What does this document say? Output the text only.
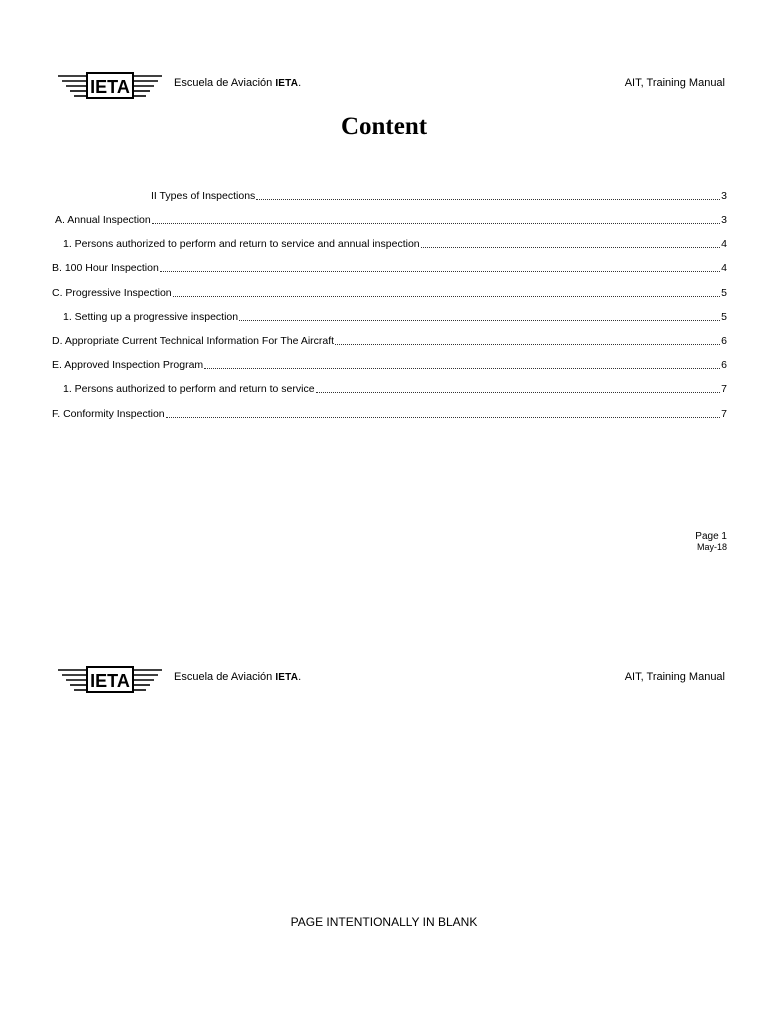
IETA	Escuela de Aviación IETA.	AIT, Training Manual
Content
II Types of Inspections	3
A. Annual Inspection	3
1. Persons authorized to perform and return to service and annual inspection	4
B. 100 Hour Inspection	4
C. Progressive Inspection	5
1. Setting up a progressive inspection	5
D. Appropriate Current Technical Information For The Aircraft	6
E. Approved Inspection Program	6
1. Persons authorized to perform and return to service	7
F. Conformity Inspection	7
Page 1
May-18
IETA	Escuela de Aviación IETA.	AIT, Training Manual
PAGE INTENTIONALLY IN BLANK
